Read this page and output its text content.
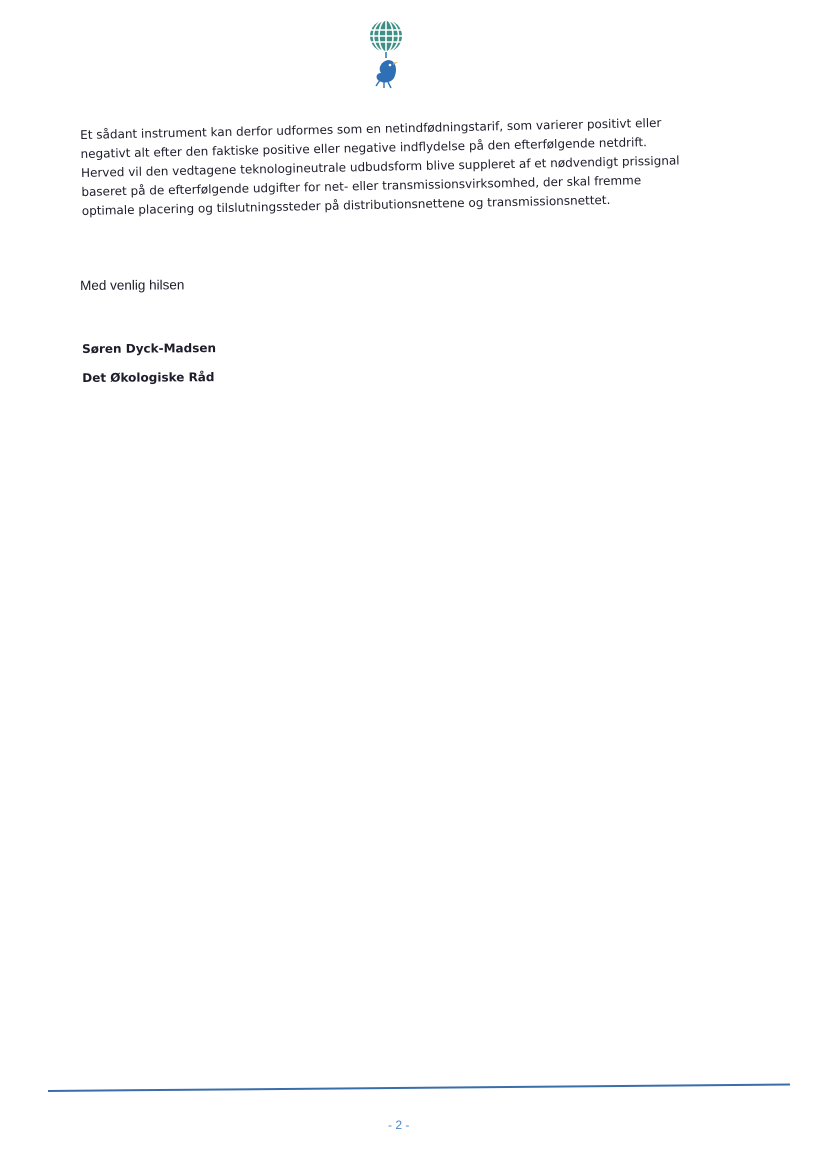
Et sådant instrument kan derfor udformes som en netindfødningstarif, som varierer positivt eller

negativt alt efter den faktiske positive eller negative indflydelse på den efterfølgende netdrift.

Herved vil den vedtagene teknologineutrale udbudsform blive suppleret af et nødvendigt prissignal

baseret på de efterfølgende udgifter for net- eller transmissionsvirksomhed, der skal fremme

optimale placering og tilslutningssteder på distributionsnettene og transmissionsnettet.

Med venlig hilsen
Søren Dyck-Madsen
Det Økologiske Råd
- 2 -
